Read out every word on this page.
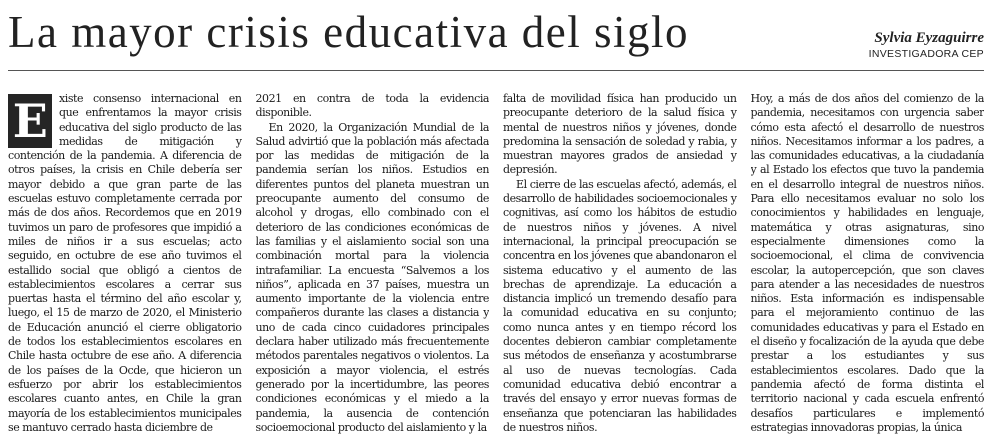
La mayor crisis educativa del siglo	Sylvia Eyzaguirre
INVESTIGADORA CEP

E	xiste consenso internacional en que enfrentamos la mayor crisis educativa del siglo producto de las medidas de mitigación y contención de la pandemia. A diferencia de otros países, la crisis en Chile debería ser mayor debido a que gran parte de las escuelas estuvo completamente cerrada por más de dos años. Recordemos que en 2019 tuvimos un paro de profesores que impidió a miles de niños ir a sus escuelas; acto seguido, en octubre de ese año tuvimos el estallido social que obligó a cientos de establecimientos escolares a cerrar sus puertas hasta el término del año escolar y, luego, el 15 de marzo de 2020, el Ministerio de Educación anunció el cierre obligatorio de todos los establecimientos escolares en Chile hasta octubre de ese año. A diferencia de los países de la Ocde, que hicieron un esfuerzo por abrir los establecimientos escolares cuanto antes, en Chile la gran mayoría de los establecimientos municipales se mantuvo cerrado hasta diciembre de

2021 en contra de toda la evidencia disponible.

En 2020, la Organización Mundial de la Salud advirtió que la población más afectada por las medidas de mitigación de la pandemia serían los niños. Estudios en diferentes puntos del planeta muestran un preocupante aumento del consumo de alcohol y drogas, ello combinado con el deterioro de las condiciones económicas de las familias y el aislamiento social son una combinación mortal para la violencia intrafamiliar. La encuesta “Salvemos a los niños”, aplicada en 37 países, muestra un aumento importante de la violencia entre compañeros durante las clases a distancia y uno de cada cinco cuidadores principales declara haber utilizado más frecuentemente métodos parentales negativos o violentos. La exposición a mayor violencia, el estrés generado por la incertidumbre, las peores condiciones económicas y el miedo a la pandemia, la ausencia de contención socioemocional producto del aislamiento y la

falta de movilidad física han producido un preocupante deterioro de la salud física y mental de nuestros niños y jóvenes, donde predomina la sensación de soledad y rabia, y muestran mayores grados de ansiedad y depresión.

El cierre de las escuelas afectó, además, el desarrollo de habilidades socioemocionales y cognitivas, así como los hábitos de estudio de nuestros niños y jóvenes. A nivel internacional, la principal preocupación se concentra en los jóvenes que abandonaron el sistema educativo y el aumento de las brechas de aprendizaje. La educación a distancia implicó un tremendo desafío para la comunidad educativa en su conjunto; como nunca antes y en tiempo récord los docentes debieron cambiar completamente sus métodos de enseñanza y acostumbrarse al uso de nuevas tecnologías. Cada comunidad educativa debió encontrar a través del ensayo y error nuevas formas de enseñanza que potenciaran las habilidades de nuestros niños.

Hoy, a más de dos años del comienzo de la pandemia, necesitamos con urgencia saber cómo esta afectó el desarrollo de nuestros niños. Necesitamos informar a los padres, a las comunidades educativas, a la ciudadanía y al Estado los efectos que tuvo la pandemia en el desarrollo integral de nuestros niños. Para ello necesitamos evaluar no solo los conocimientos y habilidades en lenguaje, matemática y otras asignaturas, sino especialmente dimensiones como la socioemocional, el clima de convivencia escolar, la autopercepción, que son claves para atender a las necesidades de nuestros niños. Esta información es indispensable para el mejoramiento continuo de las comunidades educativas y para el Estado en el diseño y focalización de la ayuda que debe prestar a los estudiantes y sus establecimientos escolares. Dado que la pandemia afectó de forma distinta el territorio nacional y cada escuela enfrentó desafíos particulares e implementó estrategias innovadoras propias, la única
